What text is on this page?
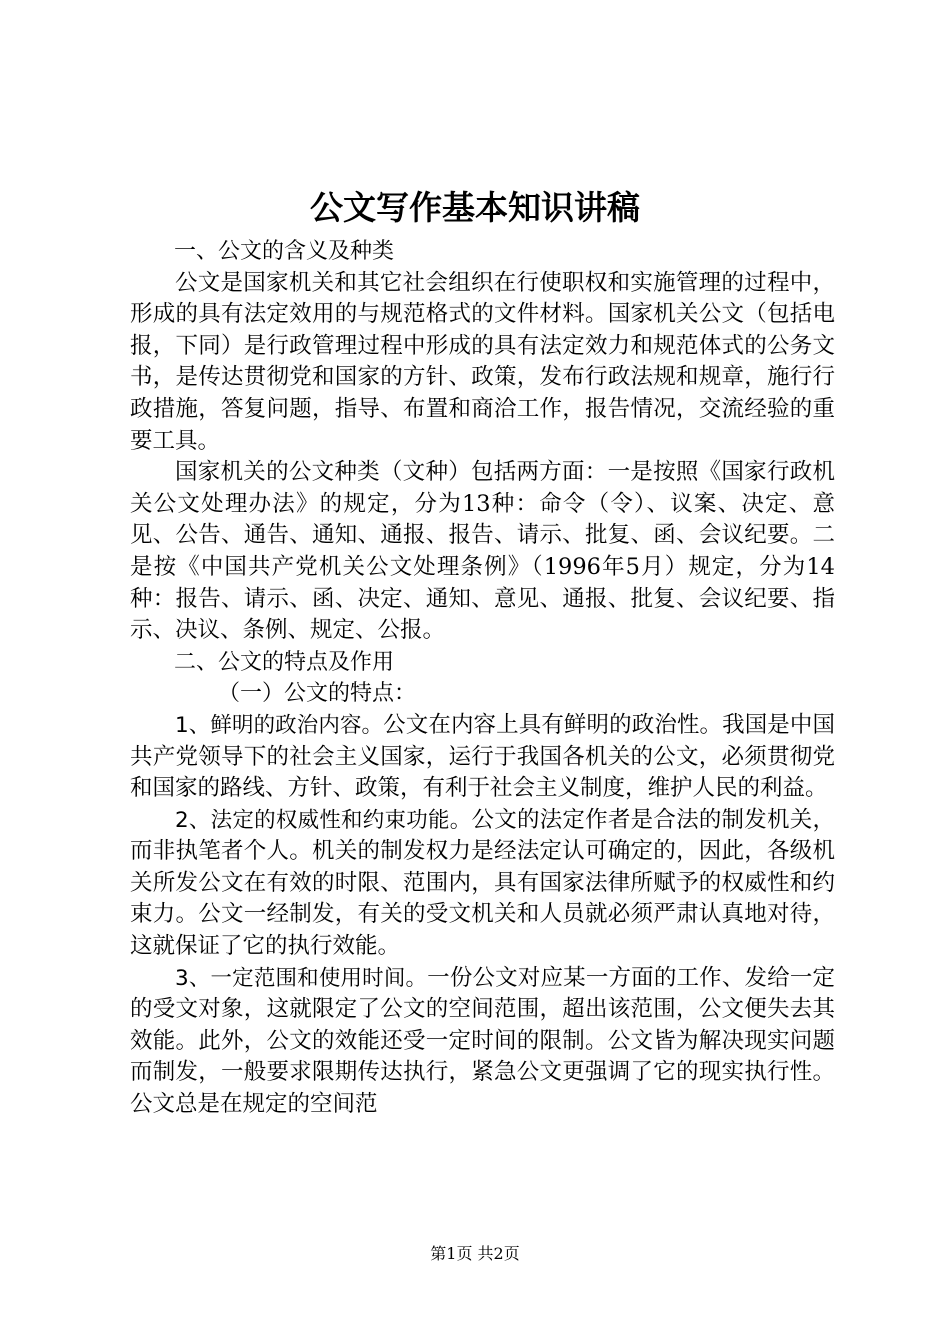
公文写作基本知识讲稿

一、公文的含义及种类

公文是国家机关和其它社会组织在行使职权和实施管理的过程中，形成的具有法定效用的与规范格式的文件材料。国家机关公文（包括电报，下同）是行政管理过程中形成的具有法定效力和规范体式的公务文书，是传达贯彻党和国家的方针、政策，发布行政法规和规章，施行行政措施，答复问题，指导、布置和商洽工作，报告情况，交流经验的重要工具。

国家机关的公文种类（文种）包括两方面：一是按照《国家行政机关公文处理办法》的规定，分为13种：命令（令）、议案、决定、意见、公告、通告、通知、通报、报告、请示、批复、函、会议纪要。二是按《中国共产党机关公文处理条例》（1996年5月）规定，分为14种：报告、请示、函、决定、通知、意见、通报、批复、会议纪要、指示、决议、条例、规定、公报。

二、公文的特点及作用

（一）公文的特点：

1、鲜明的政治内容。公文在内容上具有鲜明的政治性。我国是中国共产党领导下的社会主义国家，运行于我国各机关的公文，必须贯彻党和国家的路线、方针、政策，有利于社会主义制度，维护人民的利益。

2、法定的权威性和约束功能。公文的法定作者是合法的制发机关，而非执笔者个人。机关的制发权力是经法定认可确定的，因此，各级机关所发公文在有效的时限、范围内，具有国家法律所赋予的权威性和约束力。公文一经制发，有关的受文机关和人员就必须严肃认真地对待，这就保证了它的执行效能。

3、一定范围和使用时间。一份公文对应某一方面的工作、发给一定的受文对象，这就限定了公文的空间范围，超出该范围，公文便失去其效能。此外，公文的效能还受一定时间的限制。公文皆为解决现实问题而制发，一般要求限期传达执行，紧急公文更强调了它的现实执行性。公文总是在规定的空间范

第1页 共2页
